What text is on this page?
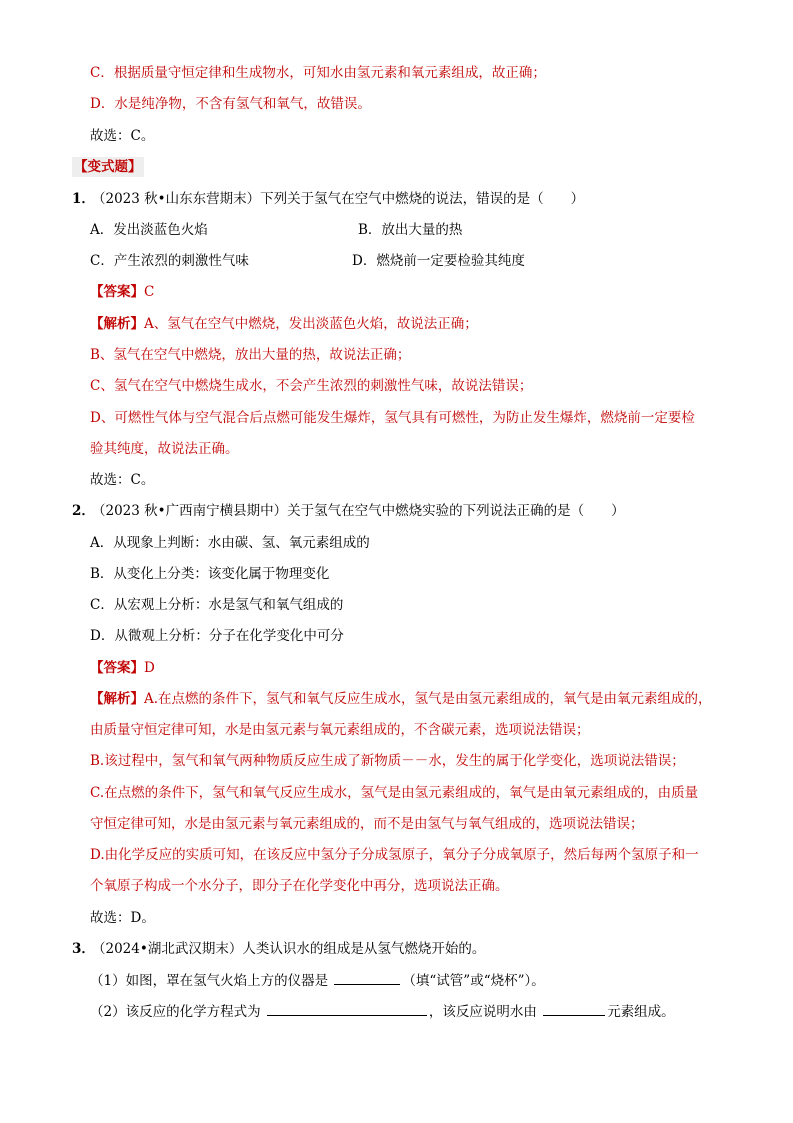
C．根据质量守恒定律和生成物水，可知水由氢元素和氧元素组成，故正确；
D．水是纯净物，不含有氢气和氧气，故错误。
故选：C。
【变式题】
1．
（2023 秋•山东东营期末）下列关于氢气在空气中燃烧的说法，错误的是（　　）
A．发出淡蓝色火焰	B．放出大量的热
C．产生浓烈的刺激性气味	D．燃烧前一定要检验其纯度
【答案】C
【解析】A、氢气在空气中燃烧，发出淡蓝色火焰，故说法正确；
B、氢气在空气中燃烧，放出大量的热，故说法正确；
C、氢气在空气中燃烧生成水，不会产生浓烈的刺激性气味，故说法错误；
D、可燃性气体与空气混合后点燃可能发生爆炸，氢气具有可燃性，为防止发生爆炸，燃烧前一定要检
验其纯度，故说法正确。
故选：C。
2．
（2023 秋•广西南宁横县期中）关于氢气在空气中燃烧实验的下列说法正确的是（　　）
A．从现象上判断：水由碳、氢、氧元素组成的
B．从变化上分类：该变化属于物理变化
C．从宏观上分析：水是氢气和氧气组成的
D．从微观上分析：分子在化学变化中可分
【答案】D
【解析】A.在点燃的条件下，氢气和氧气反应生成水，氢气是由氢元素组成的，氧气是由氧元素组成的，
由质量守恒定律可知，水是由氢元素与氧元素组成的，不含碳元素，选项说法错误；
B.该过程中，氢气和氧气两种物质反应生成了新物质－－水，发生的属于化学变化，选项说法错误；
C.在点燃的条件下，氢气和氧气反应生成水，氢气是由氢元素组成的，氧气是由氧元素组成的，由质量
守恒定律可知，水是由氢元素与氧元素组成的，而不是由氢气与氧气组成的，选项说法错误；
D.由化学反应的实质可知，在该反应中氢分子分成氢原子，氧分子分成氧原子，然后每两个氢原子和一
个氧原子构成一个水分子，即分子在化学变化中再分，选项说法正确。
故选：D。
3．
（2024•湖北武汉期末）人类认识水的组成是从氢气燃烧开始的。
（1）如图，罩在氢气火焰上方的仪器是	（填“试管”或“烧杯”）。
（2）该反应的化学方程式为	，该反应说明水由	元素组成。
